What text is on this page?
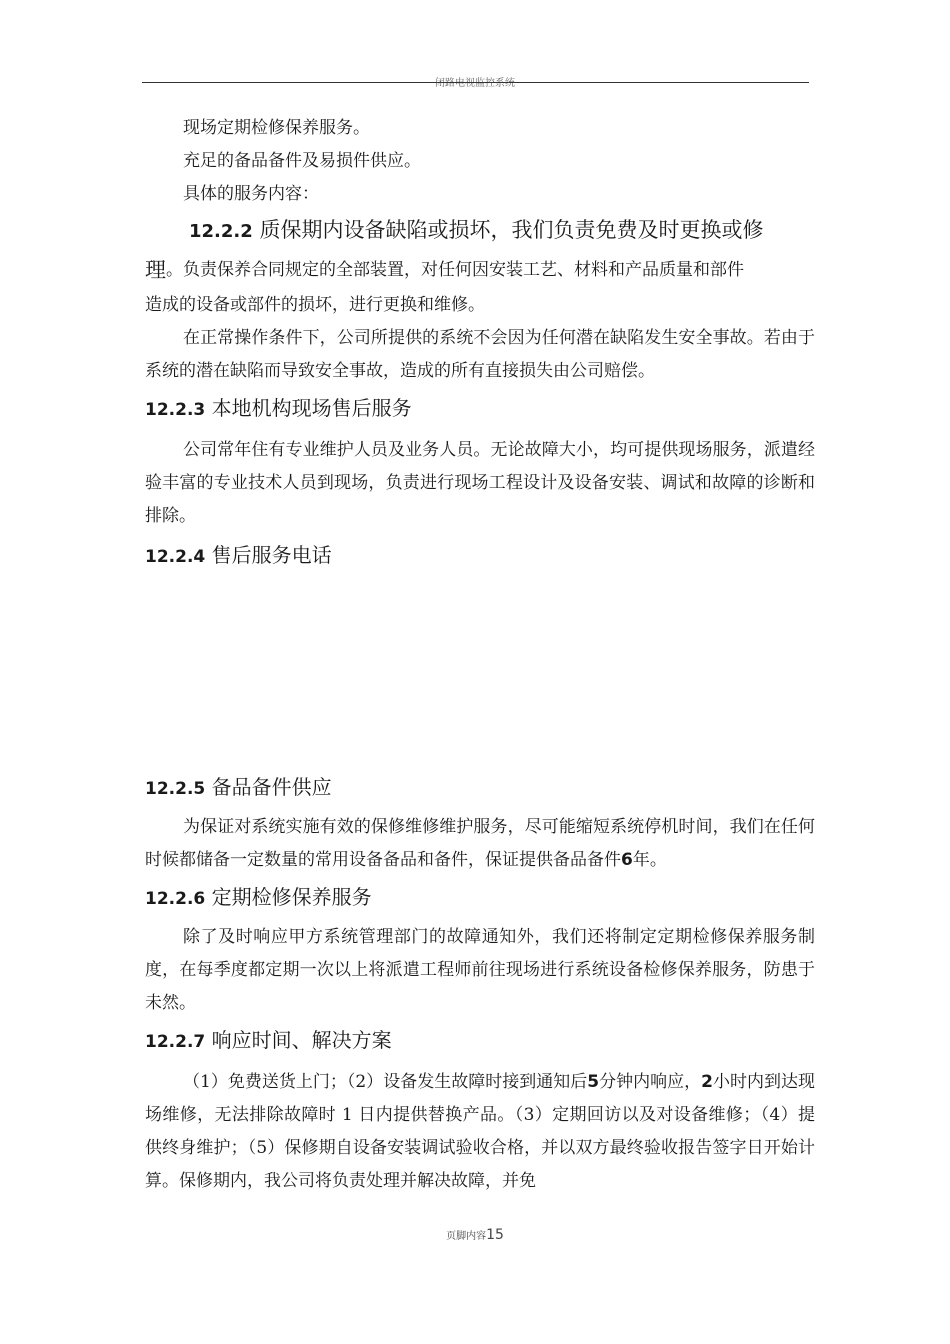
闭路电视监控系统

现场定期检修保养服务。

充足的备品备件及易损件供应。

具体的服务内容：

12.2.2 质保期内设备缺陷或损坏，我们负责免费及时更换或修

理 。负责保养合同规定的全部装置，对任何因安装工艺、材料和产品质量和部件

造成的设备或部件的损坏，进行更换和维修。

在正常操作条件下，公司所提供的系统不会因为任何潜在缺陷发生安全事故。若由于系统的潜在缺陷而导致安全事故，造成的所有直接损失由公司赔偿。

12.2.3 本地机构现场售后服务

公司常年住有专业维护人员及业务人员。无论故障大小，均可提供现场服务，派遣经验丰富的专业技术人员到现场，负责进行现场工程设计及设备安装、调试和故障的诊断和排除。

12.2.4 售后服务电话

12.2.5 备品备件供应

为保证对系统实施有效的保修维修维护服务，尽可能缩短系统停机时间，我们在任何时候都储备一定数量的常用设备备品和备件，保证提供备品备件6年。

12.2.6 定期检修保养服务

除了及时响应甲方系统管理部门的故障通知外，我们还将制定定期检修保养服务制度，在每季度都定期一次以上将派遣工程师前往现场进行系统设备检修保养服务，防患于未然。

12.2.7 响应时间、解决方案

（1）免费送货上门；（2）设备发生故障时接到通知后5分钟内响应，2小时内到达现场维修，无法排除故障时 1 日内提供替换产品。（3）定期回访以及对设备维修；（4）提供终身维护；（5）保修期自设备安装调试验收合格，并以双方最终验收报告签字日开始计算。保修期内，我公司将负责处理并解决故障，并免

页脚内容15
